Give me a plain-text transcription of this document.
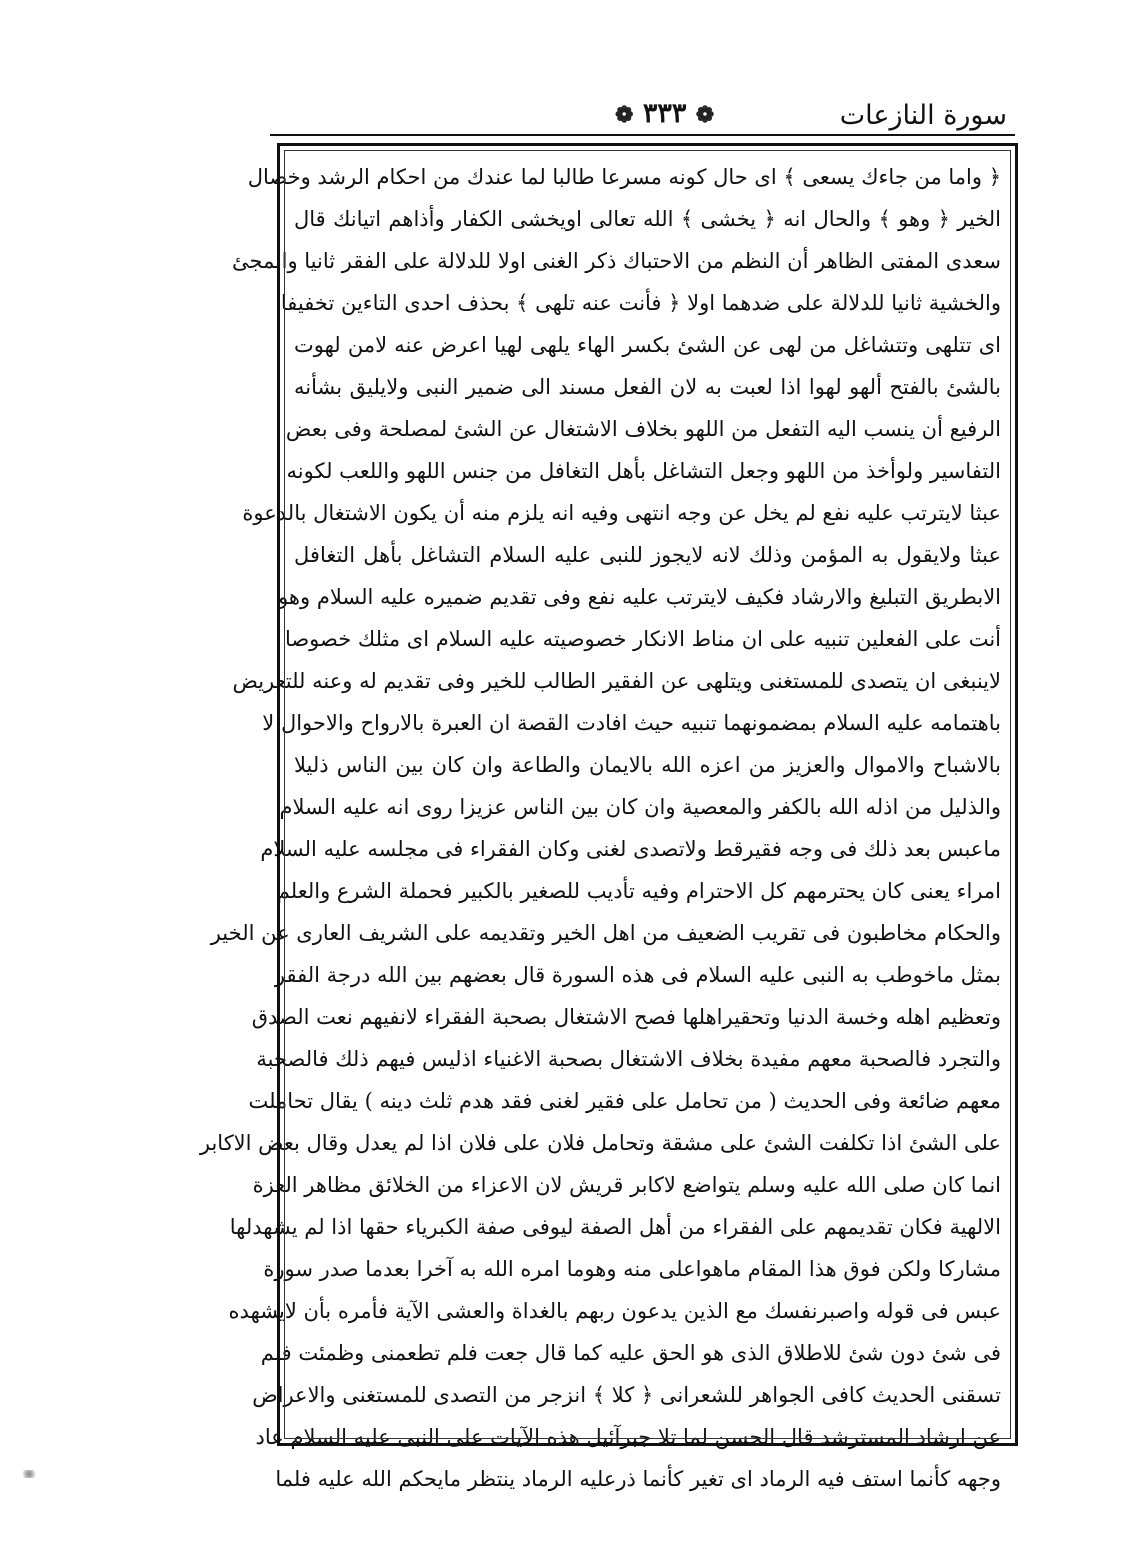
سورة النازعات
❁ ٣٣٣ ❁
﴿ واما من جاءك يسعى ﴾ اى حال كونه مسرعا طالبا لما عندك من احكام الرشد وخصال
الخير ﴿ وهو ﴾ والحال انه ﴿ يخشى ﴾ الله تعالى اويخشى الكفار وأذاهم اتيانك قال
سعدى المفتى الظاهر أن النظم من الاحتباك ذكر الغنى اولا للدلالة على الفقر ثانيا والمجئ
والخشية ثانيا للدلالة على ضدهما اولا ﴿ فأنت عنه تلهى ﴾ بحذف احدى التاءين تخفيفا
اى تتلهى وتتشاغل من لهى عن الشئ بكسر الهاء يلهى لهيا اعرض عنه لامن لهوت
بالشئ بالفتح ألهو لهوا اذا لعبت به لان الفعل مسند الى ضمير النبى ولايليق بشأنه
الرفيع أن ينسب اليه التفعل من اللهو بخلاف الاشتغال عن الشئ لمصلحة وفى بعض
التفاسير ولوأخذ من اللهو وجعل التشاغل بأهل التغافل من جنس اللهو واللعب لكونه
عبثا لايترتب عليه نفع لم يخل عن وجه انتهى وفيه انه يلزم منه أن يكون الاشتغال بالدعوة
عبثا ولايقول به المؤمن وذلك لانه لايجوز للنبى عليه السلام التشاغل بأهل التغافل
الابطريق التبليغ والارشاد فكيف لايترتب عليه نفع وفى تقديم ضميره عليه السلام وهو
أنت على الفعلين تنبيه على ان مناط الانكار خصوصيته عليه السلام اى مثلك خصوصا
لاينبغى ان يتصدى للمستغنى ويتلهى عن الفقير الطالب للخير وفى تقديم له وعنه للتعريض
باهتمامه عليه السلام بمضمونهما تنبيه حيث افادت القصة ان العبرة بالارواح والاحوال لا
بالاشباح والاموال والعزيز من اعزه الله بالايمان والطاعة وان كان بين الناس ذليلا
والذليل من اذله الله بالكفر والمعصية وان كان بين الناس عزيزا روى انه عليه السلام
ماعبس بعد ذلك فى وجه فقيرقط ولاتصدى لغنى وكان الفقراء فى مجلسه عليه السلام
امراء يعنى كان يحترمهم كل الاحترام وفيه تأديب للصغير بالكبير فحملة الشرع والعلم
والحكام مخاطبون فى تقريب الضعيف من اهل الخير وتقديمه على الشريف العارى عن الخير
بمثل ماخوطب به النبى عليه السلام فى هذه السورة قال بعضهم بين الله درجة الفقر
وتعظيم اهله وخسة الدنيا وتحقيراهلها فصح الاشتغال بصحبة الفقراء لانفيهم نعت الصدق
والتجرد فالصحبة معهم مفيدة بخلاف الاشتغال بصحبة الاغنياء اذليس فيهم ذلك فالصحبة
معهم ضائعة وفى الحديث ( من تحامل على فقير لغنى فقد هدم ثلث دينه ) يقال تحاملت
على الشئ اذا تكلفت الشئ على مشقة وتحامل فلان على فلان اذا لم يعدل وقال بعض الاكابر
انما كان صلى الله عليه وسلم يتواضع لاكابر قريش لان الاعزاء من الخلائق مظاهر العزة
الالهية فكان تقديمهم على الفقراء من أهل الصفة ليوفى صفة الكبرياء حقها اذا لم يشهدلها
مشاركا ولكن فوق هذا المقام ماهواعلى منه وهوما امره الله به آخرا بعدما صدر سورة
عبس فى قوله واصبرنفسك مع الذين يدعون ربهم بالغداة والعشى الآية فأمره بأن لايشهده
فى شئ دون شئ للاطلاق الذى هو الحق عليه كما قال جعت فلم تطعمنى وظمئت فلم
تسقنى الحديث كافى الجواهر للشعرانى ﴿ كلا ﴾ انزجر من التصدى للمستغنى والاعراض
عن ارشاد المسترشد قال الحسن لما تلا جبرآئيل هذه الآيات على النبى عليه السلام عاد
وجهه كأنما استف فيه الرماد اى تغير كأنما ذرعليه الرماد ينتظر مايحكم الله عليه فلما
